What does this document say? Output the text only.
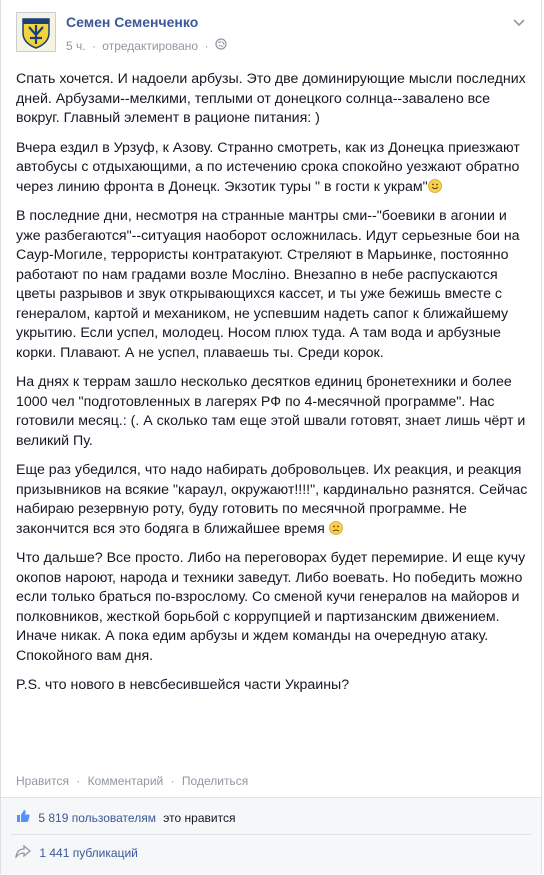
Семен Семенченко
5 ч. · отредактировано ·

Спать хочется. И надоели арбузы. Это две доминирующие мысли последних дней. Арбузами--мелкими, теплыми от донецкого солнца--завалено все вокруг. Главный элемент в рационе питания: )

Вчера ездил в Урзуф, к Азову. Странно смотреть, как из Донецка приезжают автобусы с отдыхающими, а по истечению срока спокойно уезжают обратно через линию фронта в Донецк. Экзотик туры " в гости к украм"

В последние дни, несмотря на странные мантры сми--"боевики в агонии и уже разбегаются"--ситуация наоборот осложнилась. Идут серьезные бои на Саур-Могиле, террористы контратакуют. Стреляют в Марьинке, постоянно работают по нам градами возле Мосліно. Внезапно в небе распускаются цветы разрывов и звук открывающихся кассет, и ты уже бежишь вместе с генералом, картой и механиком, не успевшим надеть сапог к ближайшему укрытию. Если успел, молодец. Носом плюх туда. А там вода и арбузные корки. Плавают. А не успел, плаваешь ты. Среди корок.

На днях к террам зашло несколько десятков единиц бронетехники и более 1000 чел "подготовленных в лагерях РФ по 4-месячной программе". Нас готовили месяц.: (. А сколько там еще этой швали готовят, знает лишь чёрт и великий Пу.

Еще раз убедился, что надо набирать добровольцев. Их реакция, и реакция призывников на всякие "караул, окружают!!!!", кардинально разнятся. Сейчас набираю резервную роту, буду готовить по месячной программе. Не закончится вся это бодяга в ближайшее время

Что дальше? Все просто. Либо на переговорах будет перемирие. И еще кучу окопов нароют, народа и техники заведут. Либо воевать. Но победить можно если только браться по-взрослому. Со сменой кучи генералов на майоров и полковников, жесткой борьбой с коррупцией и партизанским движением. Иначе никак. А пока едим арбузы и ждем команды на очередную атаку. Спокойного вам дня.

P.S. что нового в невсбесившейся части Украины?

Нравится · Комментарий · Поделиться
5 819 пользователям это нравится
1 441 публикаций
